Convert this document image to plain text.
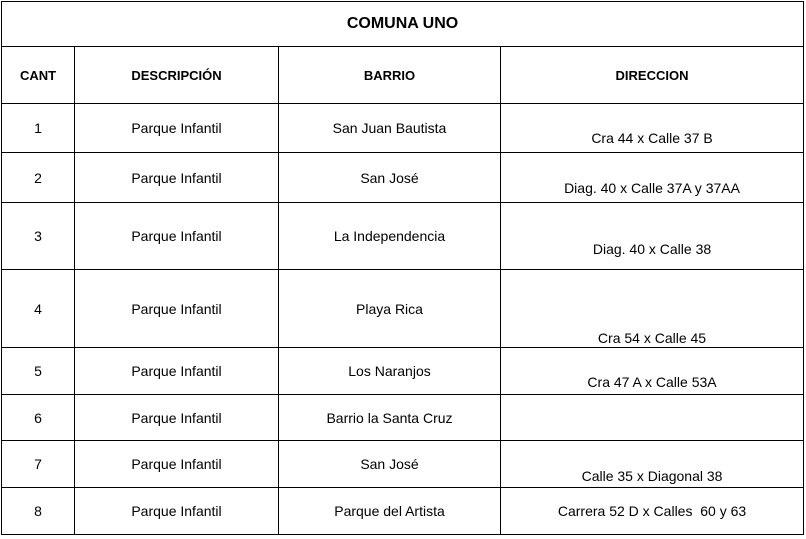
COMUNA UNO			
CANT	DESCRIPCIÓN	BARRIO	DIRECCION
1	Parque Infantil	San Juan Bautista	Cra 44 x Calle 37 B
2	Parque Infantil	San José	Diag. 40 x Calle 37A y 37AA
3	Parque Infantil	La Independencia	Diag. 40 x Calle 38
4	Parque Infantil	Playa Rica	Cra 54 x Calle 45
5	Parque Infantil	Los Naranjos	Cra 47 A x Calle 53A
6	Parque Infantil	Barrio la Santa Cruz	
7	Parque Infantil	San José	Calle 35 x Diagonal 38
8	Parque Infantil	Parque del Artista	Carrera 52 D x Calles  60 y 63
